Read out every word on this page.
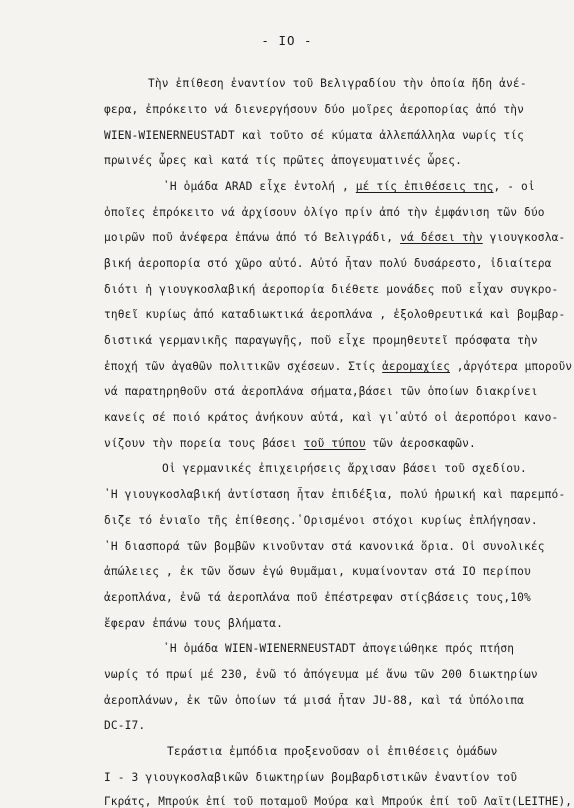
- IO -
Τὴν ἐπίθεση ἐναντίον τοῦ Βελιγραδίου τὴν ὁποία ἤδη ἀνέ-
φερα, ἐπρόκειτο νά διενεργήσουν δύο μοῖρες ἀεροπορίας ἀπό τὴν
WIEN-WIENERNEUSTADT καὶ τοῦτο σέ κύματα ἀλλεπάλληλα νωρίς τίς
πρωινές ὧρες καὶ κατά τίς πρῶτες ἀπογευματινές ὧρες.
῾Η ὁμάδα ARAD εἶχε ἐντολή , μέ τίς ἐπιθέσεις της, - οἱ
ὁποῖες ἐπρόκειτο νά ἀρχίσουν ὀλίγο πρίν ἀπό τὴν ἐμφάνιση τῶν δύο
μοιρῶν ποῦ ἀνέφερα ἐπάνω ἀπό τό Βελιγράδι, νά δέσει τὴν γιουγκοσλα-
βική ἀεροπορία στό χῶρο αὐτό. Αὐτό ἦταν πολύ δυσάρεστο, ἰδιαίτερα
διότι ἡ γιουγκοσλαβική ἀεροπορία διέθετε μονάδες ποῦ εἶχαν συγκρο-
τηθεῖ κυρίως ἀπό καταδιωκτικά ἀεροπλάνα , ἐξολοθρευτικά καὶ βομβαρ-
διστικά γερμανικῆς παραγωγῆς, ποῦ εἶχε προμηθευτεῖ πρόσφατα τὴν
ἐποχή τῶν ἀγαθῶν πολιτικῶν σχέσεων. Στίς ἀερομαχίες ,ἀργότερα μποροῦν
νά παρατηρηθοῦν στά ἀεροπλάνα σήματα,βάσει τῶν ὁποίων διακρίνει
κανείς σέ ποιό κράτος ἀνήκουν αὐτά, καὶ γι᾿αὐτό οἱ ἀεροπόροι κανο-
νίζουν τὴν πορεία τους βάσει τοῦ τύπου τῶν ἀεροσκαφῶν.
Οἱ γερμανικές ἐπιχειρήσεις ἄρχισαν βάσει τοῦ σχεδίου.
῾Η γιουγκοσλαβική ἀντίσταση ἦταν ἐπιδέξια, πολύ ἡρωική καὶ παρεμπό-
διζε τό ἑνιαῖο τῆς ἐπίθεσης.῾Ορισμένοι στόχοι κυρίως ἐπλήγησαν.
῾Η διασπορά τῶν βομβῶν κινοῦνταν στά κανονικά ὅρια. Οἱ συνολικές
ἀπώλειες , ἐκ τῶν ὅσων ἐγώ θυμᾶμαι, κυμαίνονταν στά IO περίπου
ἀεροπλάνα, ἐνῶ τά ἀεροπλάνα ποῦ ἐπέστρεφαν στίςβάσεις τους,10%
ἔφεραν ἐπάνω τους βλήματα.
῾Η ὁμάδα WIEN-WIENERNEUSTADT ἀπογειώθηκε πρός πτήση
νωρίς τό πρωί μέ 230, ἐνῶ τό ἀπόγευμα μέ ἄνω τῶν 200 διωκτηρίων
ἀεροπλάνων, ἐκ τῶν ὁποίων τά μισά ἦταν JU-88, καὶ τά ὑπόλοιπα
DC-I7.
Τεράστια ἐμπόδια προξενοῦσαν οἱ ἐπιθέσεις ὁμάδων
I - 3 γιουγκοσλαβικῶν διωκτηρίων βομβαρδιστικῶν ἐναντίον τοῦ
Γκράτς, Μπρούκ ἐπί τοῦ ποταμοῦ Μούρα καὶ Μπρούκ ἐπί τοῦ Λαϊτ(LEITHE),
